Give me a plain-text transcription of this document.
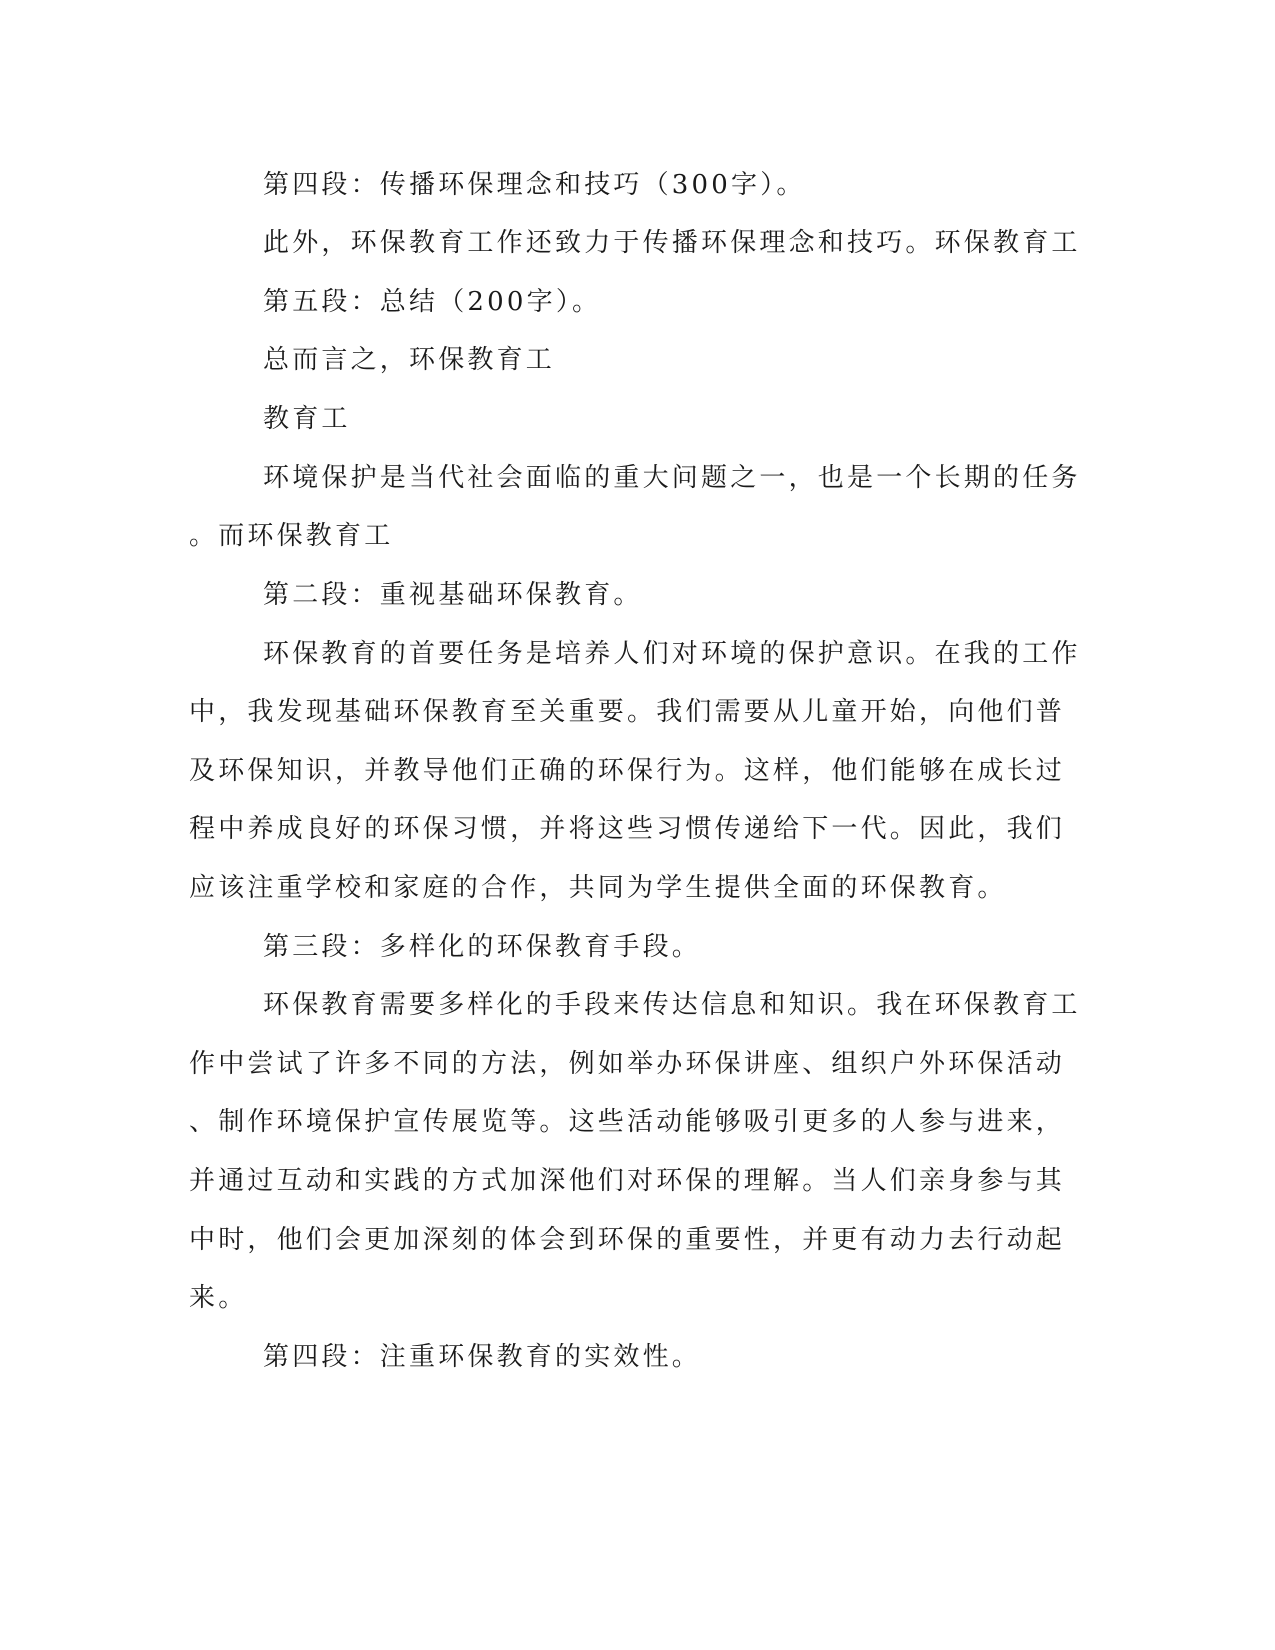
第四段：传播环保理念和技巧（300字）。
此外，环保教育工作还致力于传播环保理念和技巧。环保教育工
第五段：总结（200字）。
总而言之，环保教育工
教育工
环境保护是当代社会面临的重大问题之一，也是一个长期的任务
。而环保教育工
第二段：重视基础环保教育。
环保教育的首要任务是培养人们对环境的保护意识。在我的工作
中，我发现基础环保教育至关重要。我们需要从儿童开始，向他们普
及环保知识，并教导他们正确的环保行为。这样，他们能够在成长过
程中养成良好的环保习惯，并将这些习惯传递给下一代。因此，我们
应该注重学校和家庭的合作，共同为学生提供全面的环保教育。
第三段：多样化的环保教育手段。
环保教育需要多样化的手段来传达信息和知识。我在环保教育工
作中尝试了许多不同的方法，例如举办环保讲座、组织户外环保活动
、制作环境保护宣传展览等。这些活动能够吸引更多的人参与进来，
并通过互动和实践的方式加深他们对环保的理解。当人们亲身参与其
中时，他们会更加深刻的体会到环保的重要性，并更有动力去行动起
来。
第四段：注重环保教育的实效性。
